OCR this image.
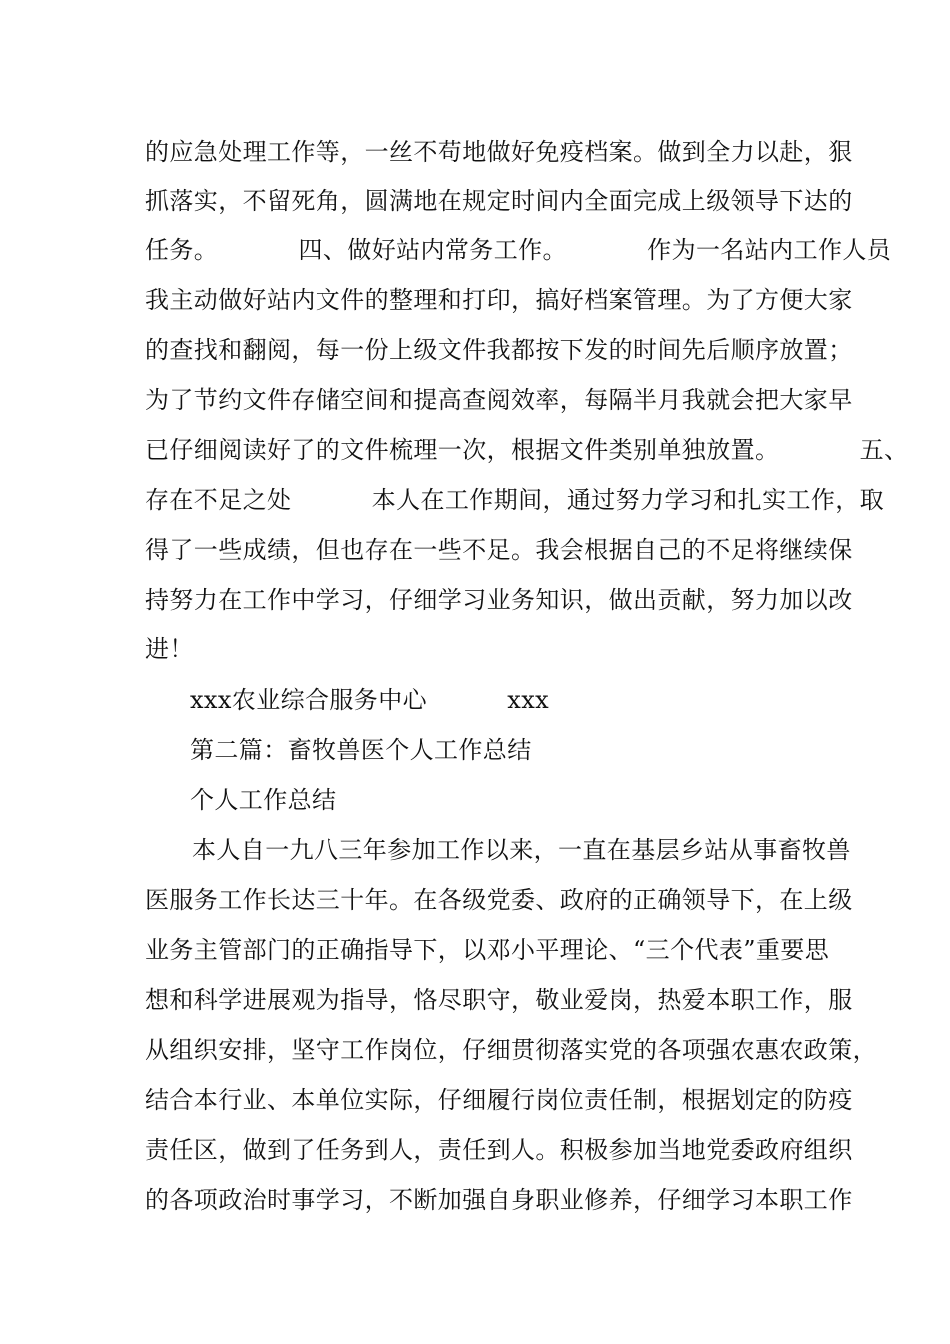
的应急处理工作等，一丝不苟地做好免疫档案。做到全力以赴，狠
抓落实，不留死角，圆满地在规定时间内全面完成上级领导下达的
任务。          四、做好站内常务工作。          作为一名站内工作人员
我主动做好站内文件的整理和打印，搞好档案管理。为了方便大家
的查找和翻阅，每一份上级文件我都按下发的时间先后顺序放置；
为了节约文件存储空间和提高查阅效率，每隔半月我就会把大家早
已仔细阅读好了的文件梳理一次，根据文件类别单独放置。          五、
存在不足之处          本人在工作期间，通过努力学习和扎实工作，取
得了一些成绩，但也存在一些不足。我会根据自己的不足将继续保
持努力在工作中学习，仔细学习业务知识，做出贡献，努力加以改
进！
xxx农业综合服务中心          xxx
第二篇：畜牧兽医个人工作总结
个人工作总结
本人自一九八三年参加工作以来，一直在基层乡站从事畜牧兽
医服务工作长达三十年。在各级党委、政府的正确领导下，在上级
业务主管部门的正确指导下，以邓小平理论、“三个代表”重要思
想和科学进展观为指导，恪尽职守，敬业爱岗，热爱本职工作，服
从组织安排，坚守工作岗位，仔细贯彻落实党的各项强农惠农政策，
结合本行业、本单位实际，仔细履行岗位责任制，根据划定的防疫
责任区，做到了任务到人，责任到人。积极参加当地党委政府组织
的各项政治时事学习，不断加强自身职业修养，仔细学习本职工作
